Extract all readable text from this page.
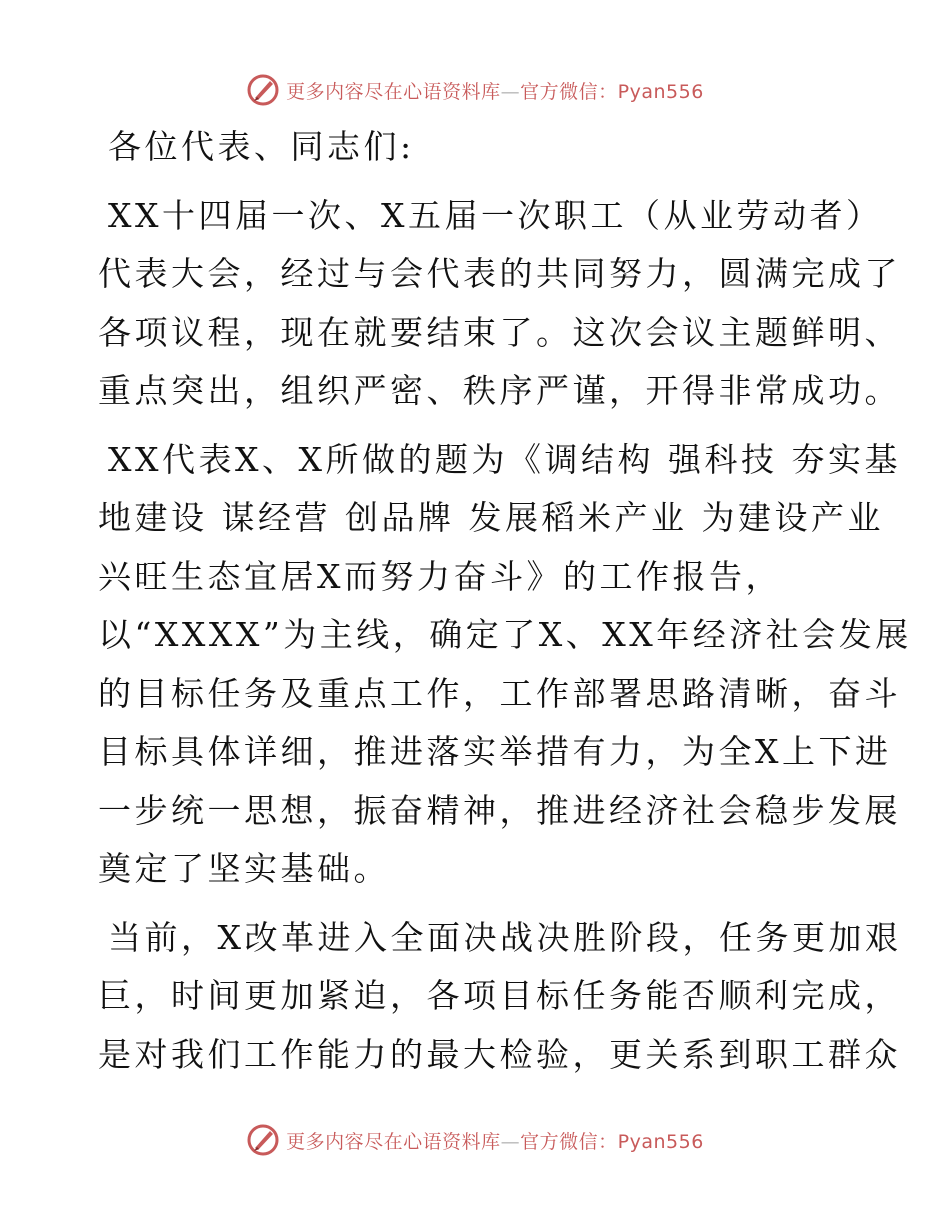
更多内容尽在心语资料库—官方微信：Pyan556
各位代表、同志们:
XX十四届一次、X五届一次职工（从业劳动者）
代表大会，经过与会代表的共同努力，圆满完成了
各项议程，现在就要结束了。这次会议主题鲜明、
重点突出，组织严密、秩序严谨，开得非常成功。
XX代表X、X所做的题为《调结构 强科技 夯实基
地建设 谋经营 创品牌 发展稻米产业 为建设产业
兴旺生态宜居X而努力奋斗》的工作报告，
以“XXXX”为主线，确定了X、XX年经济社会发展
的目标任务及重点工作，工作部署思路清晰，奋斗
目标具体详细，推进落实举措有力，为全X上下进
一步统一思想，振奋精神，推进经济社会稳步发展
奠定了坚实基础。
当前，X改革进入全面决战决胜阶段，任务更加艰
巨，时间更加紧迫，各项目标任务能否顺利完成，
是对我们工作能力的最大检验，更关系到职工群众
更多内容尽在心语资料库—官方微信：Pyan556
